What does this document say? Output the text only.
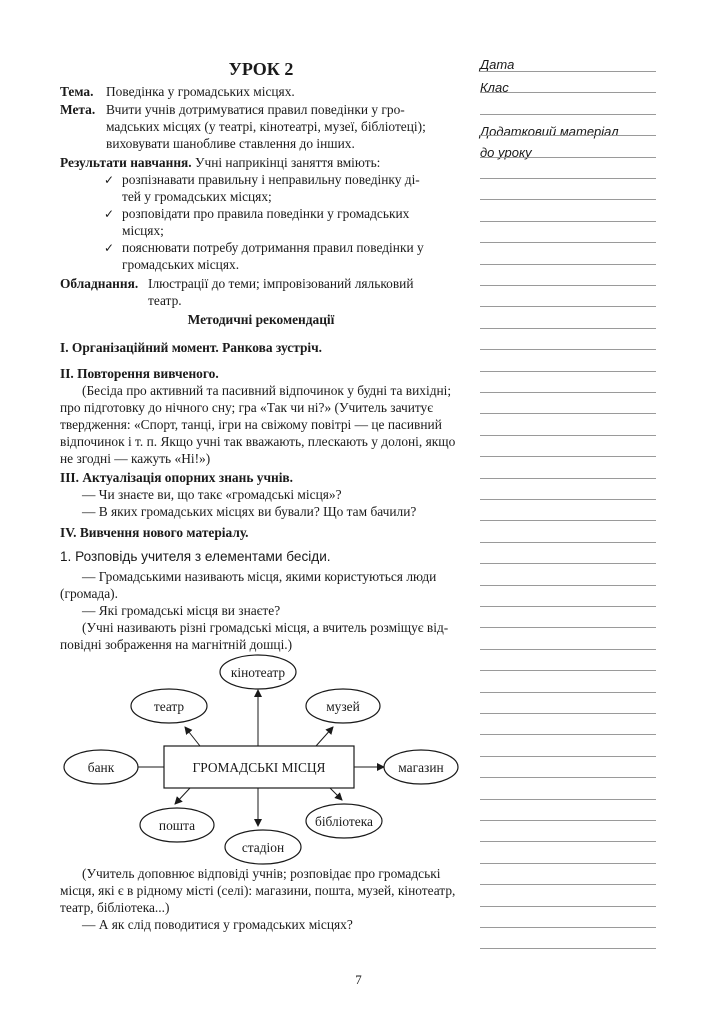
УРОК 2
Тема. Поведінка у громадських місцях.
Мета. Вчити учнів дотримуватися правил поведінки у гро-
мадських місцях (у театрі, кінотеатрі, музеї, бібліотеці);
виховувати шанобливе ставлення до інших.
Результати навчання. Учні наприкінці заняття вміють:
✓ розпізнавати правильну і неправильну поведінку ді-
тей у громадських місцях;
✓ розповідати про правила поведінки у громадських
місцях;
✓ пояснювати потребу дотримання правил поведінки у
громадських місцях.
Обладнання. Ілюстрації до теми; імпровізований ляльковий
театр.
Методичні рекомендації
I. Організаційний момент. Ранкова зустріч.
II. Повторення вивченого.
(Бесіда про активний та пасивний відпочинок у будні та вихідні;
про підготовку до нічного сну; гра «Так чи ні?» (Учитель зачитує
твердження: «Спорт, танці, ігри на свіжому повітрі — це пасивний
відпочинок і т. п. Якщо учні так вважають, плескають у долоні, якщо
не згодні — кажуть «Ні!»)
III. Актуалізація опорних знань учнів.
— Чи знаєте ви, що такє «громадські місця»?
— В яких громадських місцях ви бували? Що там бачили?
IV. Вивчення нового матеріалу.
1. Розповідь учителя з елементами бесіди.
— Громадськими називають місця, якими користуються люди
(громада).
— Які громадські місця ви знаєте?
(Учні називають різні громадські місця, а вчитель розміщує від-
повідні зображення на магнітній дошці.)
ГРОМАДСЬКІ МІСЦЯ
кінотеатр
театр	музей
банк	магазин
пошта	бібліотека
стадіон
(Учитель доповнює відповіді учнів; розповідає про громадські
місця, які є в рідному місті (селі): магазини, пошта, музей, кінотеатр,
театр, бібліотека...)
— А як слід поводитися у громадських місцях?
7
Дата
Клас
Додатковий матеріал
до уроку
